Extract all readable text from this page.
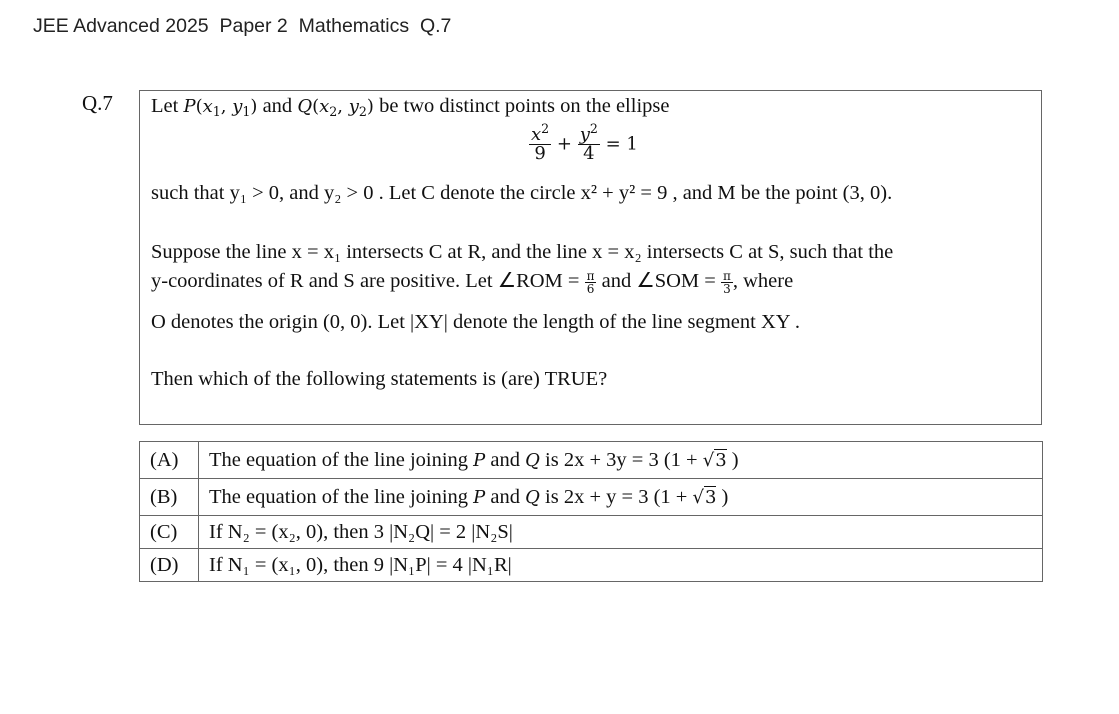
JEE Advanced 2025  Paper 2  Mathematics  Q.7
Q.7 Let $P(x_1$, $y_1$) and $Q(x_2$, $y_2$) be two distinct points on the ellipse
$\frac{x^2}{9} + \frac{y^2}{4} = 1$
such that y₁ > 0, and y₂ > 0 . Let C denote the circle x² + y² = 9 , and M be the point (3, 0).
Suppose the line x = x₁ intersects C at R, and the line x = x₂ intersects C at S, such that the
y-coordinates of R and S are positive. Let ∠ROM = $\frac{\pi}{6}$ and ∠SOM = $\frac{\pi}{3}$ , where
O denotes the origin (0, 0). Let |XY| denote the length of the line segment XY .
Then which of the following statements is (are) TRUE?
(A)	The equation of the line joining P and Q is 2x + 3y = 3 (1 + √3 )
(B)	The equation of the line joining P and Q is 2x + y = 3 (1 + √3 )
(C)	If N₂ = (x₂, 0), then 3 |N₂Q| = 2 |N₂S|
(D)	If N₁ = (x₁, 0), then 9 |N₁P| = 4 |N₁R|
